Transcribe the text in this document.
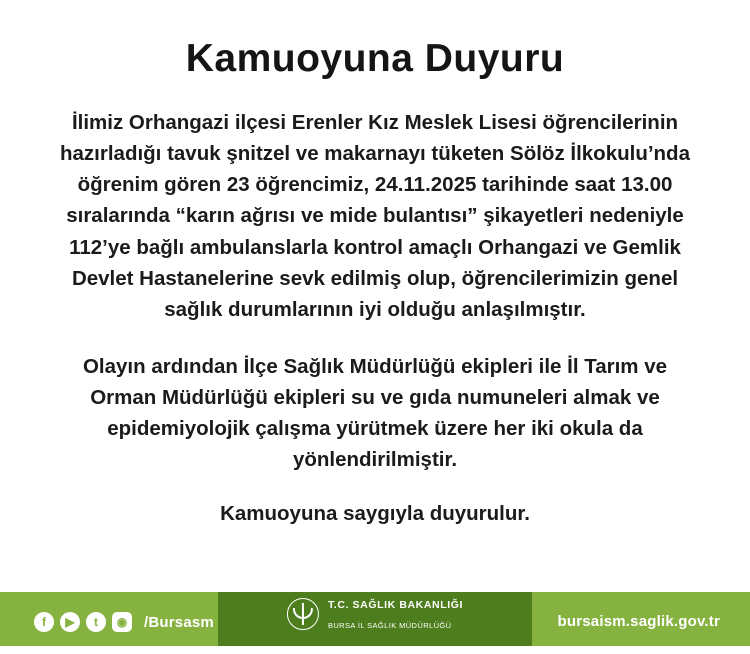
Kamuoyuna Duyuru
İlimiz Orhangazi ilçesi Erenler Kız Meslek Lisesi öğrencilerinin hazırladığı tavuk şnitzel ve makarnayı tüketen Sölöz İlkokulu’nda öğrenim gören 23 öğrencimiz, 24.11.2025 tarihinde saat 13.00 sıralarında “karın ağrısı ve mide bulantısı” şikayetleri nedeniyle 112’ye bağlı ambulanslarla kontrol amaçlı Orhangazi ve Gemlik Devlet Hastanelerine sevk edilmiş olup, öğrencilerimizin genel sağlık durumlarının iyi olduğu anlaşılmıştır.
Olayın ardından İlçe Sağlık Müdürlüğü ekipleri ile İl Tarım ve Orman Müdürlüğü ekipleri su ve gıda numuneleri almak ve epidemiyolojik çalışma yürütmek üzere her iki okula da yönlendirilmiştir.
Kamuoyuna saygıyla duyurulur.
f	▶	t	◉	/Bursasm
T.C. SAĞLIK BAKANLIĞI
BURSA İL SAĞLIK MÜDÜRLÜĞÜ	bursaism.saglik.gov.tr
